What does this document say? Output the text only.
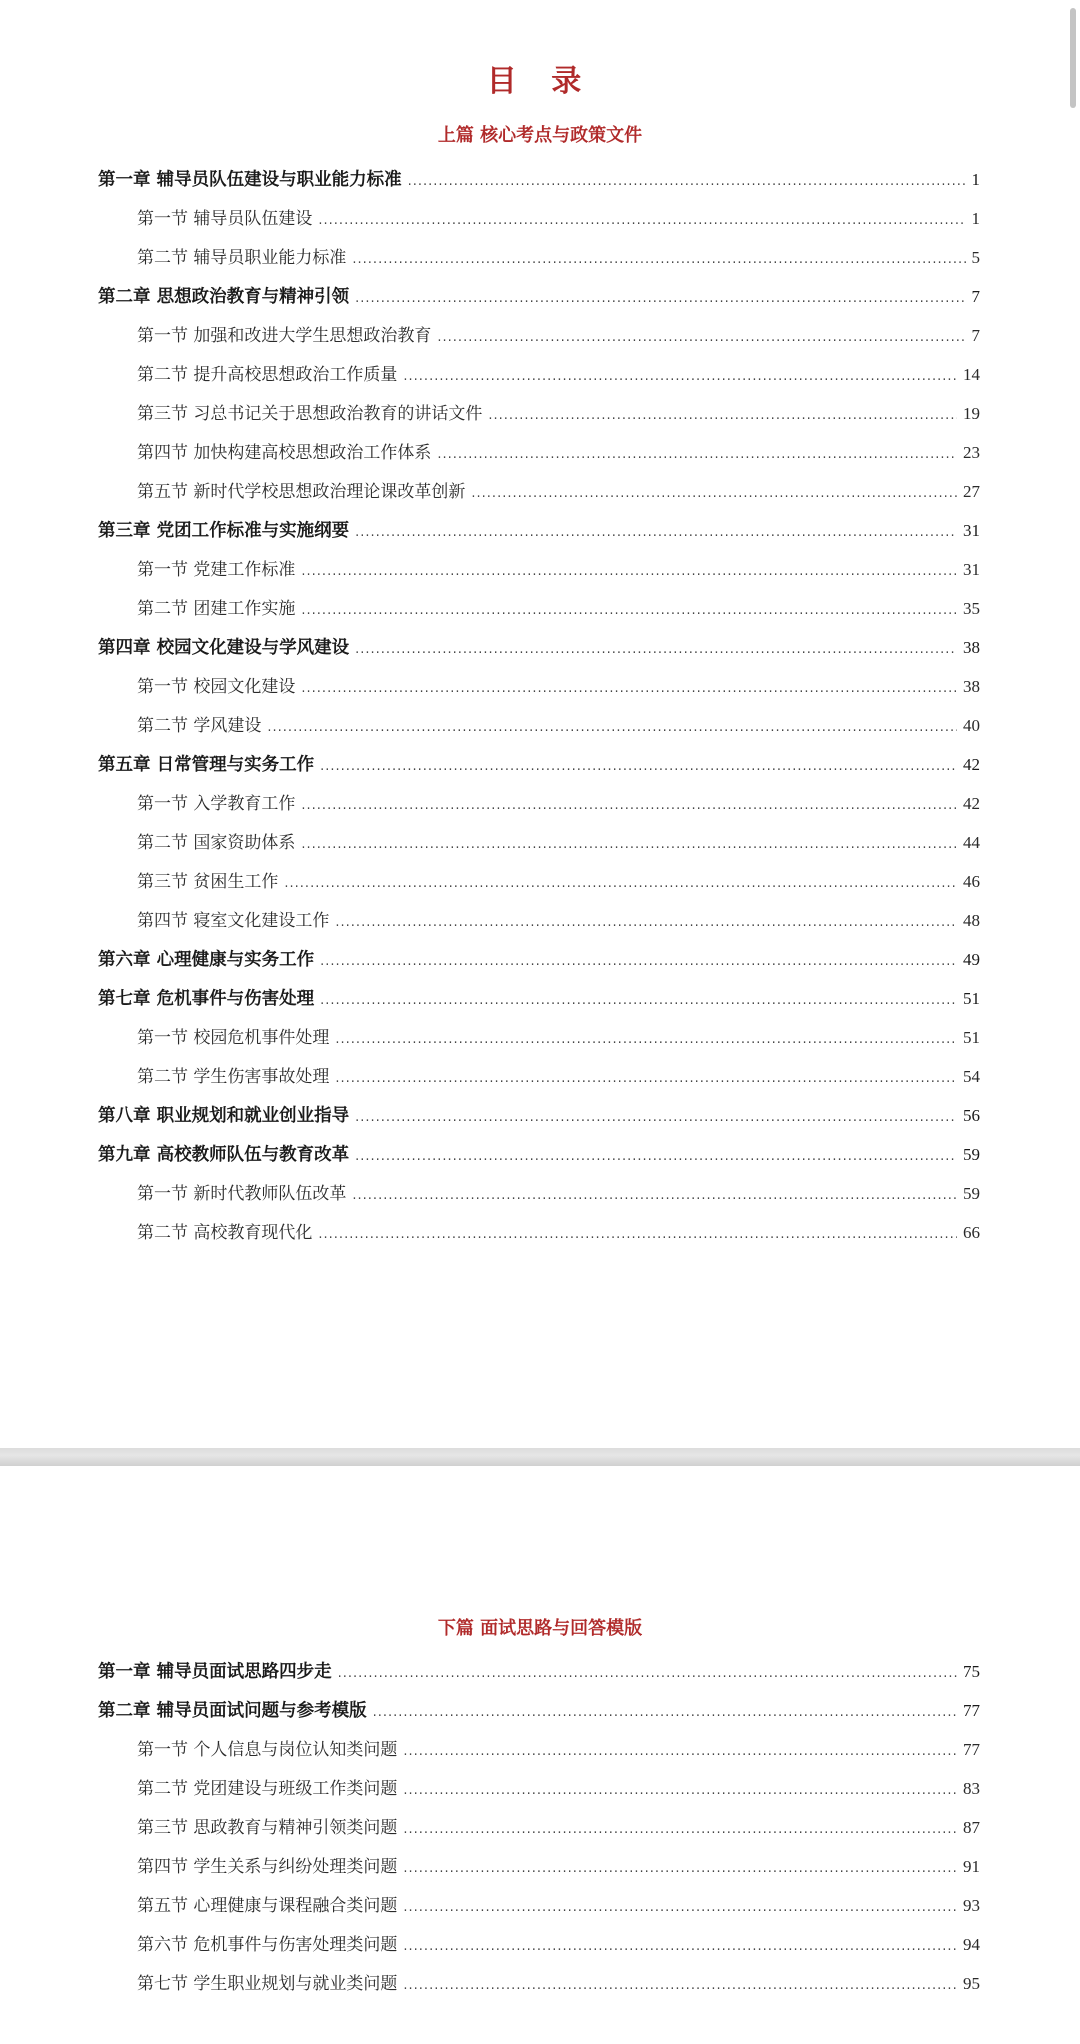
目 录
上篇 核心考点与政策文件
第一章 辅导员队伍建设与职业能力标准 .....	1
第一节 辅导员队伍建设 .....	1
第二节 辅导员职业能力标准 .....	5
第二章 思想政治教育与精神引领 .....	7
第一节 加强和改进大学生思想政治教育 .....	7
第二节 提升高校思想政治工作质量 .....	14
第三节 习总书记关于思想政治教育的讲话文件 .....	19
第四节 加快构建高校思想政治工作体系 .....	23
第五节 新时代学校思想政治理论课改革创新 .....	27
第三章 党团工作标准与实施纲要 .....	31
第一节 党建工作标准 .....	31
第二节 团建工作实施 .....	35
第四章 校园文化建设与学风建设 .....	38
第一节 校园文化建设 .....	38
第二节 学风建设 .....	40
第五章 日常管理与实务工作 .....	42
第一节 入学教育工作 .....	42
第二节 国家资助体系 .....	44
第三节 贫困生工作 .....	46
第四节 寝室文化建设工作 .....	48
第六章 心理健康与实务工作 .....	49
第七章 危机事件与伤害处理 .....	51
第一节 校园危机事件处理 .....	51
第二节 学生伤害事故处理 .....	54
第八章 职业规划和就业创业指导 .....	56
第九章 高校教师队伍与教育改革 .....	59
第一节 新时代教师队伍改革 .....	59
第二节 高校教育现代化 .....	66
下篇 面试思路与回答模版
第一章 辅导员面试思路四步走 .....	75
第二章 辅导员面试问题与参考模版 .....	77
第一节 个人信息与岗位认知类问题 .....	77
第二节 党团建设与班级工作类问题 .....	83
第三节 思政教育与精神引领类问题 .....	87
第四节 学生关系与纠纷处理类问题 .....	91
第五节 心理健康与课程融合类问题 .....	93
第六节 危机事件与伤害处理类问题 .....	94
第七节 学生职业规划与就业类问题 .....	95
